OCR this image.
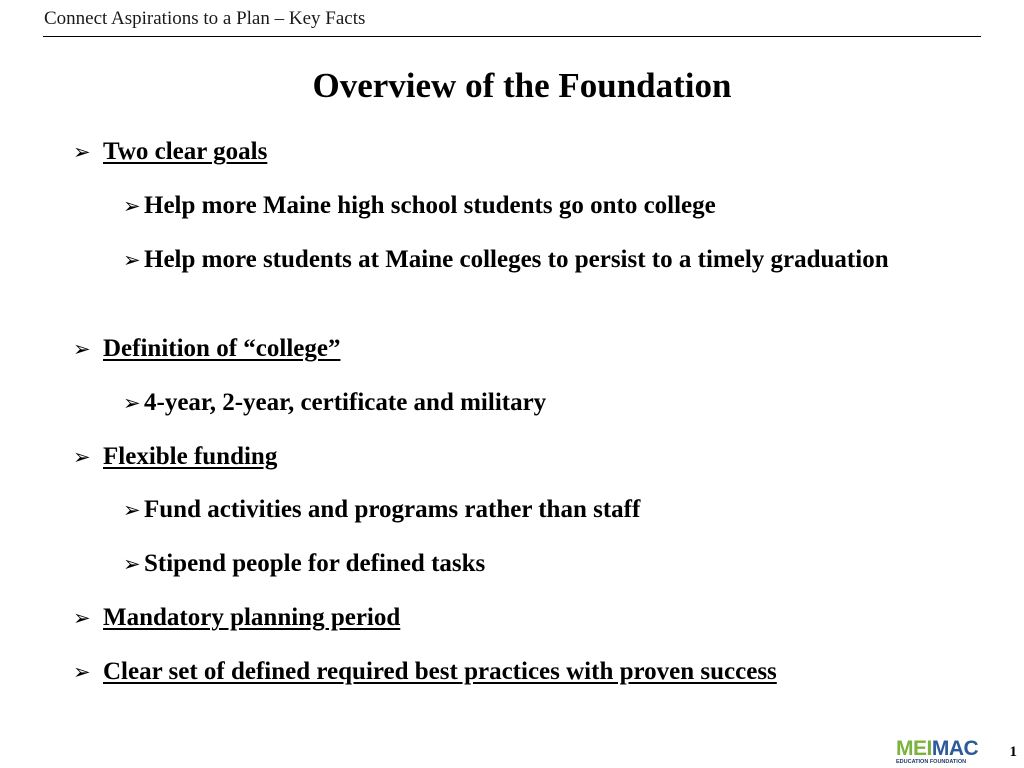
Connect Aspirations to a Plan – Key Facts
Overview of the Foundation
➢ Two clear goals
➢ Help more Maine high school students go onto college
➢ Help more students at Maine colleges to persist to a timely graduation
➢ Definition of “college”
➢ 4-year, 2-year, certificate and military
➢ Flexible funding
➢ Fund activities and programs rather than staff
➢ Stipend people for defined tasks
➢ Mandatory planning period
➢ Clear set of defined required best practices with proven success
MEIMAC
EDUCATION FOUNDATION
1
